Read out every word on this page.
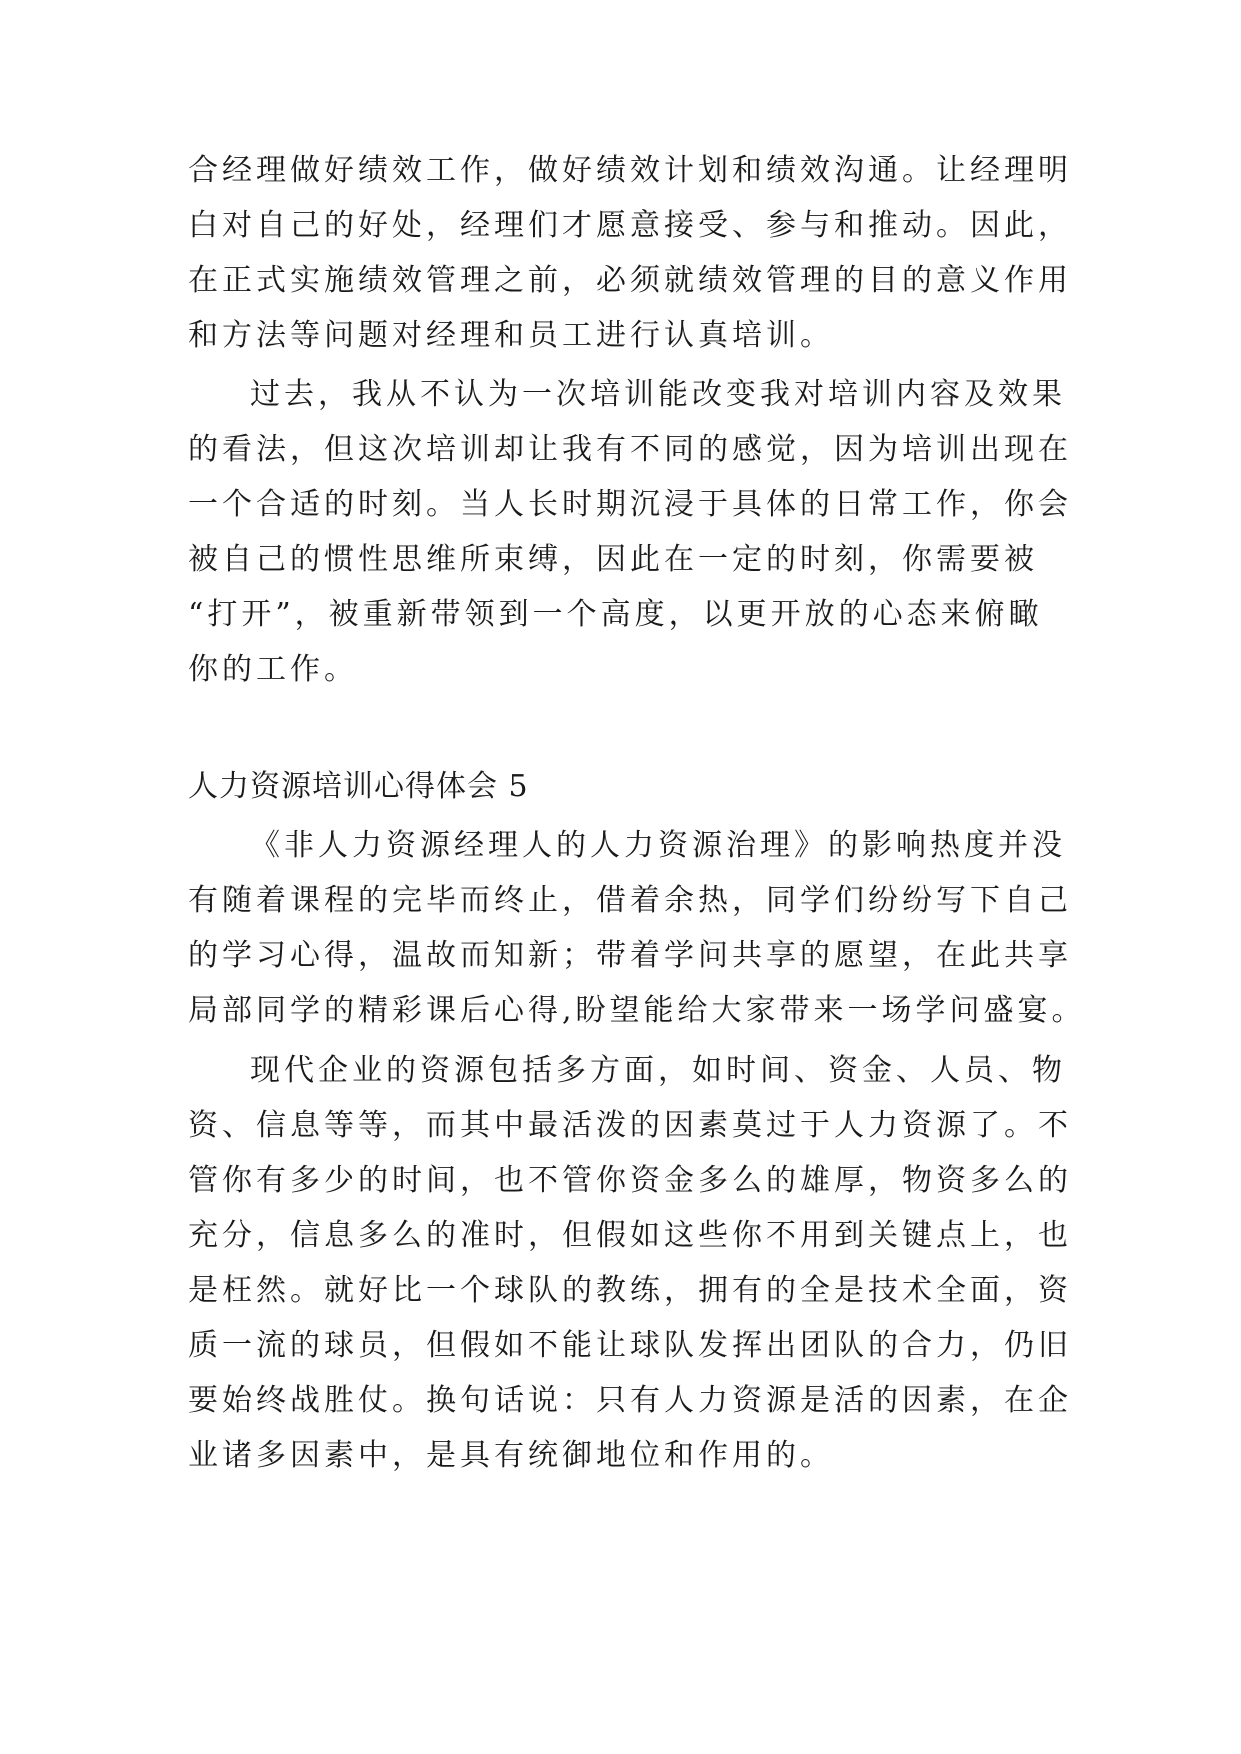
合经理做好绩效工作，做好绩效计划和绩效沟通。让经理明

白对自己的好处，经理们才愿意接受、参与和推动。因此，

在正式实施绩效管理之前，必须就绩效管理的目的意义作用

和方法等问题对经理和员工进行认真培训。

过去，我从不认为一次培训能改变我对培训内容及效果

的看法，但这次培训却让我有不同的感觉，因为培训出现在

一个合适的时刻。当人长时期沉浸于具体的日常工作，你会

被自己的惯性思维所束缚，因此在一定的时刻，你需要被

“打开”，被重新带领到一个高度，以更开放的心态来俯瞰

你的工作。

人力资源培训心得体会 5

《非人力资源经理人的人力资源治理》的影响热度并没

有随着课程的完毕而终止，借着余热，同学们纷纷写下自己

的学习心得，温故而知新；带着学问共享的愿望，在此共享

局部同学的精彩课后心得,盼望能给大家带来一场学问盛宴。

现代企业的资源包括多方面，如时间、资金、人员、物

资、信息等等，而其中最活泼的因素莫过于人力资源了。不

管你有多少的时间，也不管你资金多么的雄厚，物资多么的

充分，信息多么的准时，但假如这些你不用到关键点上，也

是枉然。就好比一个球队的教练，拥有的全是技术全面，资

质一流的球员，但假如不能让球队发挥出团队的合力，仍旧

要始终战胜仗。换句话说：只有人力资源是活的因素，在企

业诸多因素中，是具有统御地位和作用的。
